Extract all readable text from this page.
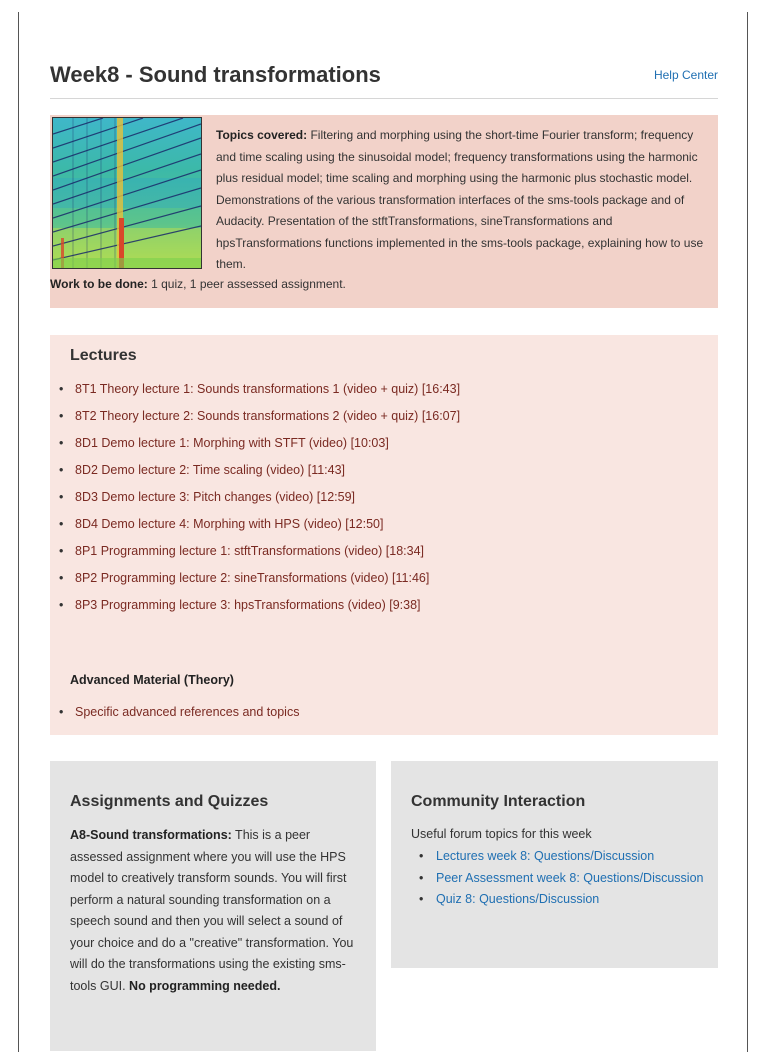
Week8 - Sound transformations	Help Center

Topics covered: Filtering and morphing using the short-time Fourier transform; frequency and time scaling using the sinusoidal model; frequency transformations using the harmonic plus residual model; time scaling and morphing using the harmonic plus stochastic model. Demonstrations of the various transformation interfaces of the sms-tools package and of Audacity. Presentation of the stftTransformations, sineTransformations and hpsTransformations functions implemented in the sms-tools package, explaining how to use them.

Work to be done: 1 quiz, 1 peer assessed assignment.

Lectures
• 8T1 Theory lecture 1: Sounds transformations 1 (video + quiz) [16:43]
• 8T2 Theory lecture 2: Sounds transformations 2 (video + quiz) [16:07]
• 8D1 Demo lecture 1: Morphing with STFT (video) [10:03]
• 8D2 Demo lecture 2: Time scaling (video) [11:43]
• 8D3 Demo lecture 3: Pitch changes (video) [12:59]
• 8D4 Demo lecture 4: Morphing with HPS (video) [12:50]
• 8P1 Programming lecture 1: stftTransformations (video) [18:34]
• 8P2 Programming lecture 2: sineTransformations (video) [11:46]
• 8P3 Programming lecture 3: hpsTransformations (video) [9:38]
Advanced Material (Theory)
• Specific advanced references and topics
Assignments and Quizzes

A8-Sound transformations: This is a peer assessed assignment where you will use the HPS model to creatively transform sounds. You will first perform a natural sounding transformation on a speech sound and then you will select a sound of your choice and do a "creative" transformation. You will do the transformations using the existing sms-tools GUI. No programming needed.

Community Interaction

Useful forum topics for this week

• Lectures week 8: Questions/Discussion
• Peer Assessment week 8: Questions/Discussion
• Quiz 8: Questions/Discussion
